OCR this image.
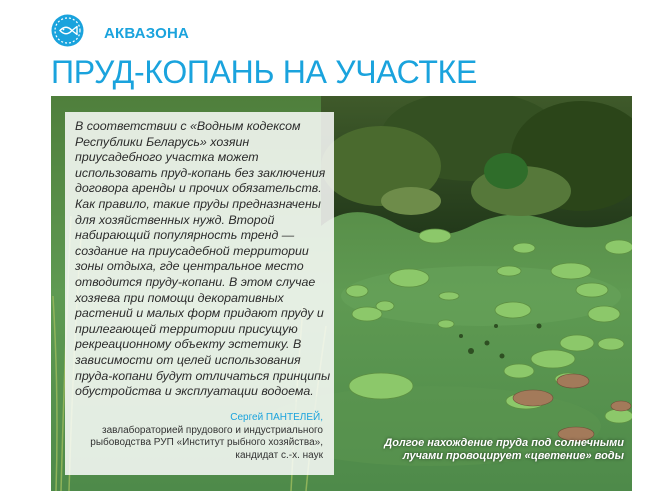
АКВАЗОНА
ПРУД-КОПАНЬ НА УЧАСТКЕ

В соответствии с «Водным кодексом Республики Беларусь» хозяин приусадебного участка может использовать пруд-копань без заключения договора аренды и прочих обязательств. Как правило, такие пруды предназначены для хозяйственных нужд. Второй набирающий популярность тренд — создание на приусадебной территории зоны отдыха, где центральное место отводится пруду-копани. В этом случае хозяева при помощи декоративных растений и малых форм придают пруду и прилегающей территории присущую рекреационному объекту эстетику. В зависимости от целей использования пруда-копани будут отличаться принципы обустройства и эксплуатации водоема.

Сергей ПАНТЕЛЕЙ,
завлабораторией прудового и индустриального
рыбоводства РУП «Институт рыбного хозяйства»,
кандидат с.-х. наук
Долгое нахождение пруда под солнечными
лучами провоцирует «цветение» воды
